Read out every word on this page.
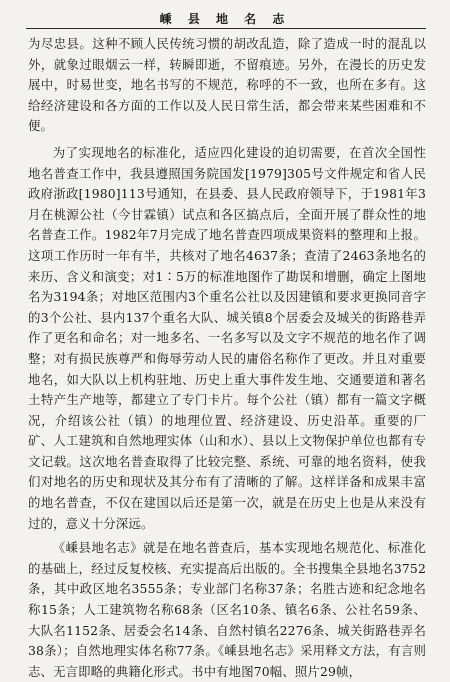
嵊 县 地 名 志

为尽忠县。这种不顾人民传统习惯的胡改乱造，除了造成一时的混乱以外，就象过眼烟云一样，转瞬即逝，不留痕迹。另外，在漫长的历史发展中，时易世变，地名书写的不规范，称呼的不一致，也所在多有。这给经济建设和各方面的工作以及人民日常生活，都会带来某些困难和不便。

为了实现地名的标准化，适应四化建设的迫切需要，在首次全国性地名普查工作中，我县遵照国务院国发[1979]305号文件规定和省人民政府浙政[1980]113号通知，在县委、县人民政府领导下，于1981年3月在桃源公社（今甘霖镇）试点和各区搞点后，全面开展了群众性的地名普查工作。1982年7月完成了地名普查四项成果资料的整理和上报。这项工作历时一年有半，共核对了地名4637条；查清了2463条地名的来历、含义和演变；对1∶5万的标准地图作了勘误和增删，确定上图地名为3194条；对地区范围内3个重名公社以及因建镇和要求更换同音字的3个公社、县内137个重名大队、城关镇8个居委会及城关的街路巷弄作了更名和命名；对一地多名、一名多写以及文字不规范的地名作了调整；对有损民族尊严和侮辱劳动人民的庸俗名称作了更改。并且对重要地名，如大队以上机构驻地、历史上重大事件发生地、交通要道和著名土特产生产地等，都建立了专门卡片。每个公社（镇）都有一篇文字概况，介绍该公社（镇）的地理位置、经济建设、历史沿革。重要的厂矿、人工建筑和自然地理实体（山和水）、县以上文物保护单位也都有专文记载。这次地名普查取得了比较完整、系统、可靠的地名资料，使我们对地名的历史和现状及其分布有了清晰的了解。这样详备和成果丰富的地名普查，不仅在建国以后还是第一次，就是在历史上也是从来没有过的，意义十分深远。

《嵊县地名志》就是在地名普查后，基本实现地名规范化、标准化的基础上，经过反复校核、充实提高后出版的。全书搜集全县地名3752条，其中政区地名3555条；专业部门名称37条；名胜古迹和纪念地名称15条；人工建筑物名称68条（区名10条、镇名6条、公社名59条、大队名1152条、居委会名14条、自然村镇名2276条、城关街路巷弄名38条）；自然地理实体名称77条。《嵊县地名志》采用释文方法，有言则志、无言即略的典籍化形式。书中有地图70幅、照片29帧，
